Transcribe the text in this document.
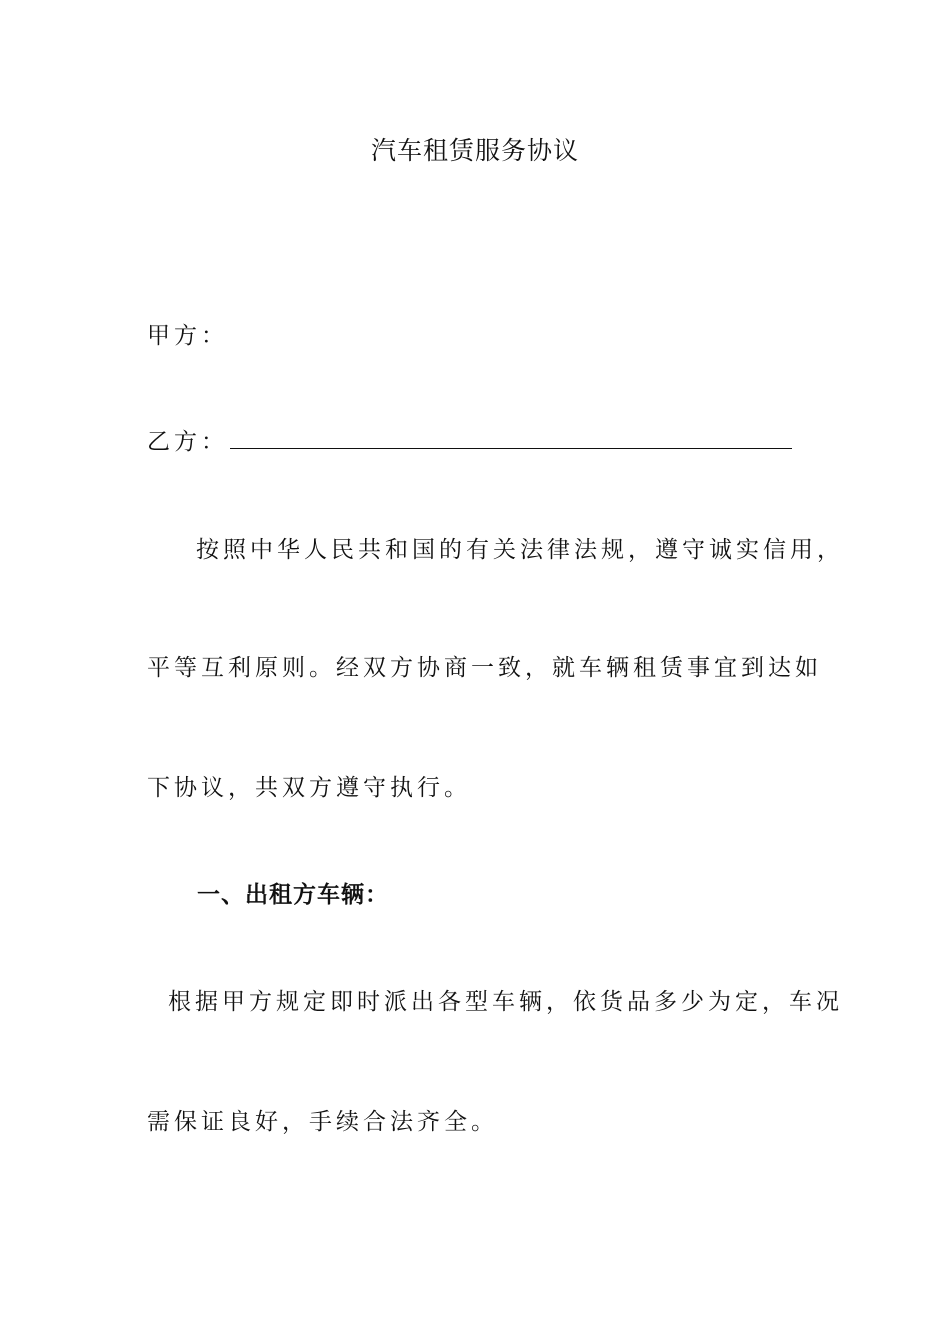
汽车租赁服务协议
甲方：
乙方：
按照中华人民共和国的有关法律法规，遵守诚实信用，
平等互利原则。经双方协商一致，就车辆租赁事宜到达如
下协议，共双方遵守执行。
一、出租方车辆：
根据甲方规定即时派出各型车辆，依货品多少为定，车况
需保证良好，手续合法齐全。
